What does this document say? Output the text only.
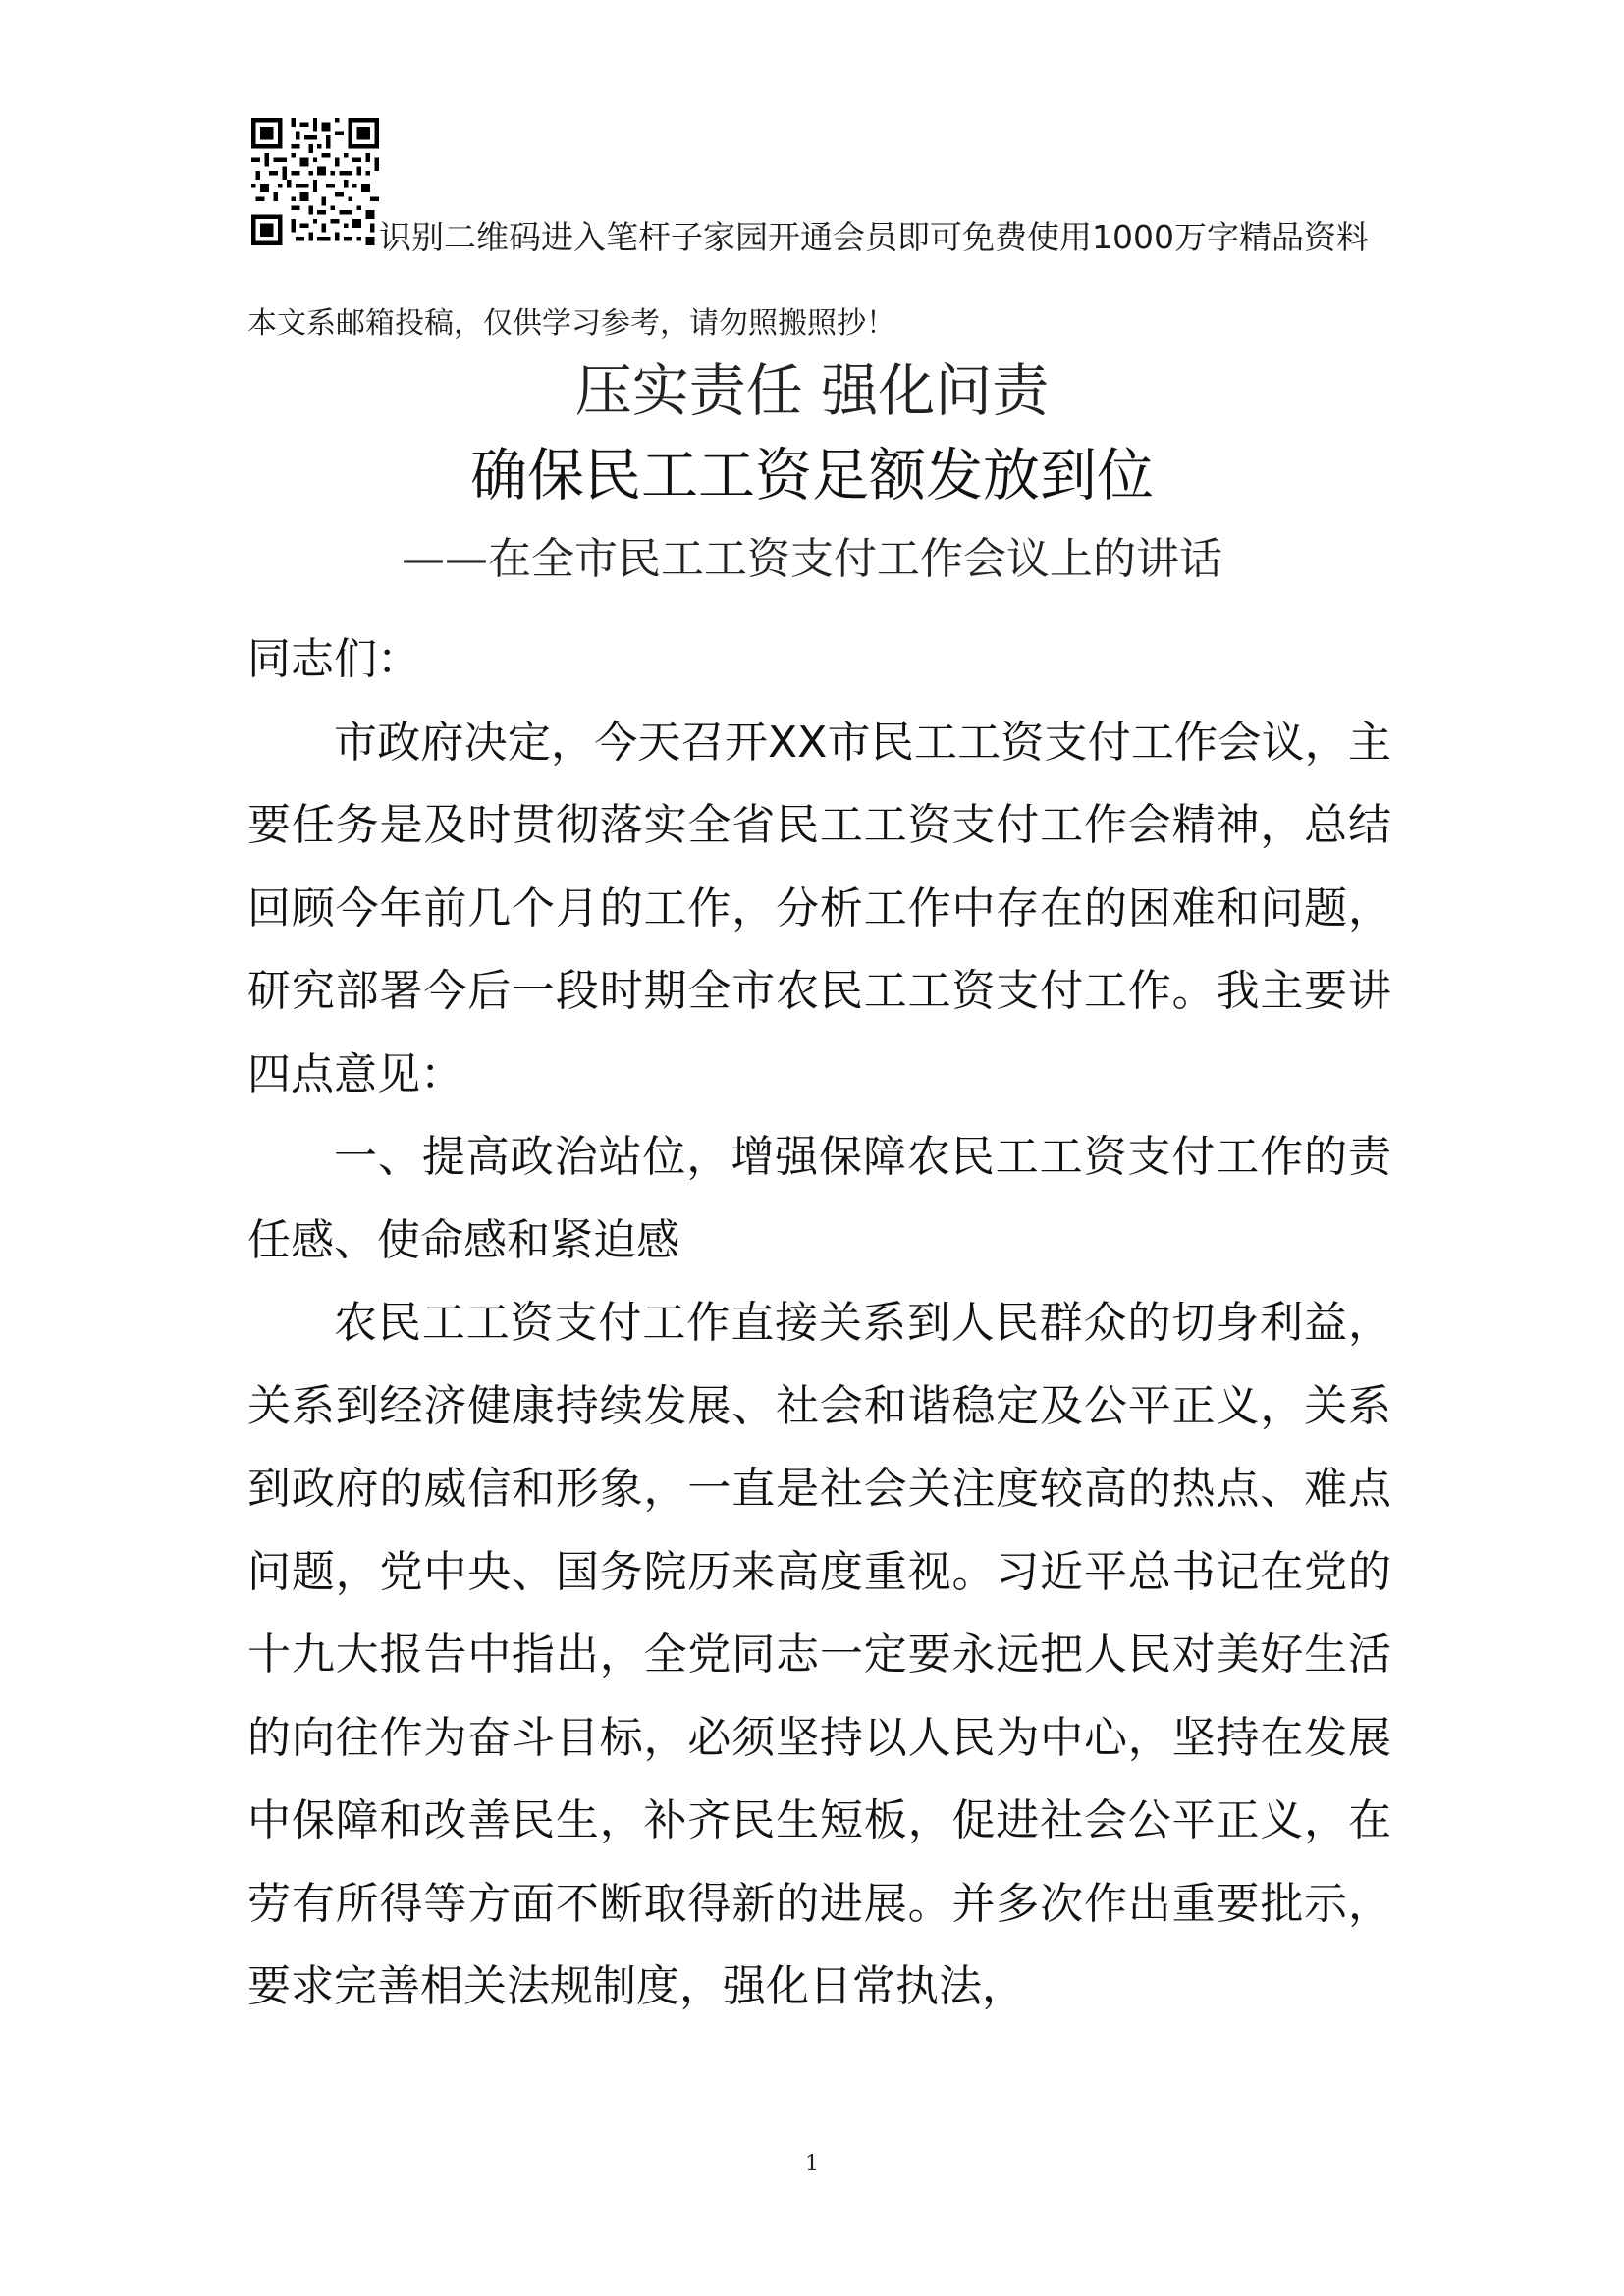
识别二维码进入笔杆子家园开通会员即可免费使用1000万字精品资料
本文系邮箱投稿，仅供学习参考，请勿照搬照抄！
压实责任 强化问责
确保民工工资足额发放到位
——在全市民工工资支付工作会议上的讲话

同志们：

市政府决定，今天召开XX市民工工资支付工作会议，主要任务是及时贯彻落实全省民工工资支付工作会精神，总结回顾今年前几个月的工作，分析工作中存在的困难和问题，研究部署今后一段时期全市农民工工资支付工作。我主要讲四点意见：

一、提高政治站位，增强保障农民工工资支付工作的责任感、使命感和紧迫感

农民工工资支付工作直接关系到人民群众的切身利益，关系到经济健康持续发展、社会和谐稳定及公平正义，关系到政府的威信和形象，一直是社会关注度较高的热点、难点问题，党中央、国务院历来高度重视。习近平总书记在党的十九大报告中指出，全党同志一定要永远把人民对美好生活的向往作为奋斗目标，必须坚持以人民为中心，坚持在发展中保障和改善民生，补齐民生短板，促进社会公平正义，在劳有所得等方面不断取得新的进展。并多次作出重要批示，要求完善相关法规制度，强化日常执法，

1
